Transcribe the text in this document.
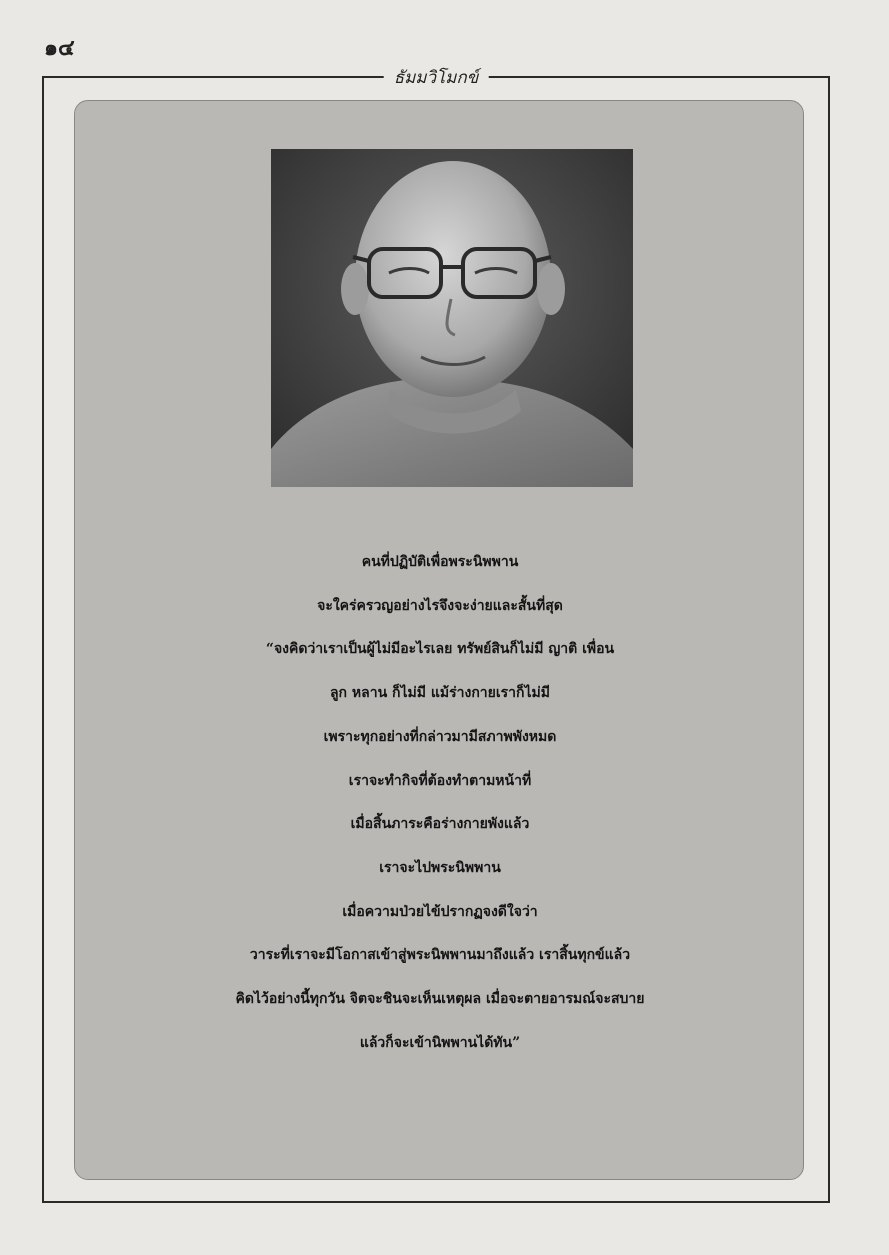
๑๔
ธัมมวิโมกข์
คนที่ปฏิบัติเพื่อพระนิพพาน
จะใคร่ครวญอย่างไรจึงจะง่ายและสั้นที่สุด
“จงคิดว่าเราเป็นผู้ไม่มีอะไรเลย ทรัพย์สินก็ไม่มี ญาติ เพื่อน
ลูก หลาน ก็ไม่มี แม้ร่างกายเราก็ไม่มี
เพราะทุกอย่างที่กล่าวมามีสภาพพังหมด
เราจะทำกิจที่ต้องทำตามหน้าที่
เมื่อสิ้นภาระคือร่างกายพังแล้ว
เราจะไปพระนิพพาน
เมื่อความป่วยไข้ปรากฏจงดีใจว่า
วาระที่เราจะมีโอกาสเข้าสู่พระนิพพานมาถึงแล้ว เราสิ้นทุกข์แล้ว
คิดไว้อย่างนี้ทุกวัน จิตจะชินจะเห็นเหตุผล เมื่อจะตายอารมณ์จะสบาย
แล้วก็จะเข้านิพพานได้ทัน”
